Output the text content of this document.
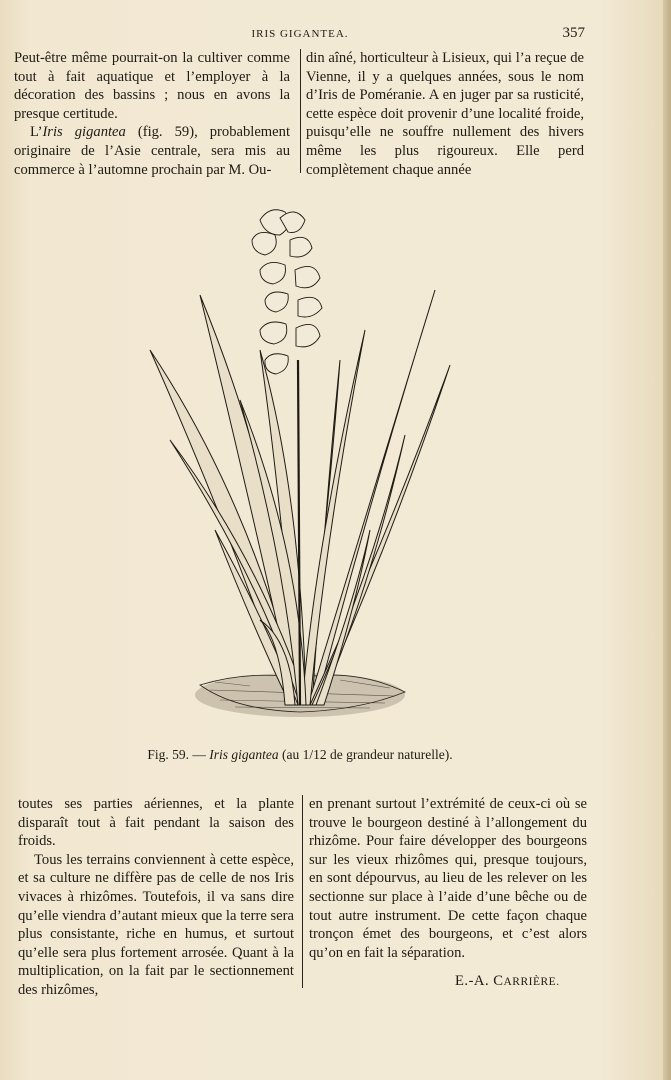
IRIS GIGANTEA.	357

Peut-être même pourrait-on la cultiver comme tout à fait aquatique et l’employer à la décoration des bassins ; nous en avons la presque certitude.

L’Iris gigantea (fig. 59), probablement originaire de l’Asie centrale, sera mis au commerce à l’automne prochain par M. Ou-

din aîné, horticulteur à Lisieux, qui l’a reçue de Vienne, il y a quelques années, sous le nom d’Iris de Poméranie. A en juger par sa rusticité, cette espèce doit provenir d’une localité froide, puisqu’elle ne souffre nullement des hivers même les plus rigoureux. Elle perd complètement chaque année

Fig. 59. — Iris gigantea (au 1/12 de grandeur naturelle).

toutes ses parties aériennes, et la plante disparaît tout à fait pendant la saison des froids.

Tous les terrains conviennent à cette espèce, et sa culture ne diffère pas de celle de nos Iris vivaces à rhizômes. Toutefois, il va sans dire qu’elle viendra d’autant mieux que la terre sera plus consistante, riche en humus, et surtout qu’elle sera plus fortement arrosée. Quant à la multiplication, on la fait par le sectionnement des rhizômes,

en prenant surtout l’extrémité de ceux-ci où se trouve le bourgeon destiné à l’allongement du rhizôme. Pour faire développer des bourgeons sur les vieux rhizômes qui, presque toujours, en sont dépourvus, au lieu de les relever on les sectionne sur place à l’aide d’une bêche ou de tout autre instrument. De cette façon chaque tronçon émet des bourgeons, et c’est alors qu’on en fait la séparation.

E.-A. CARRIÈRE.
